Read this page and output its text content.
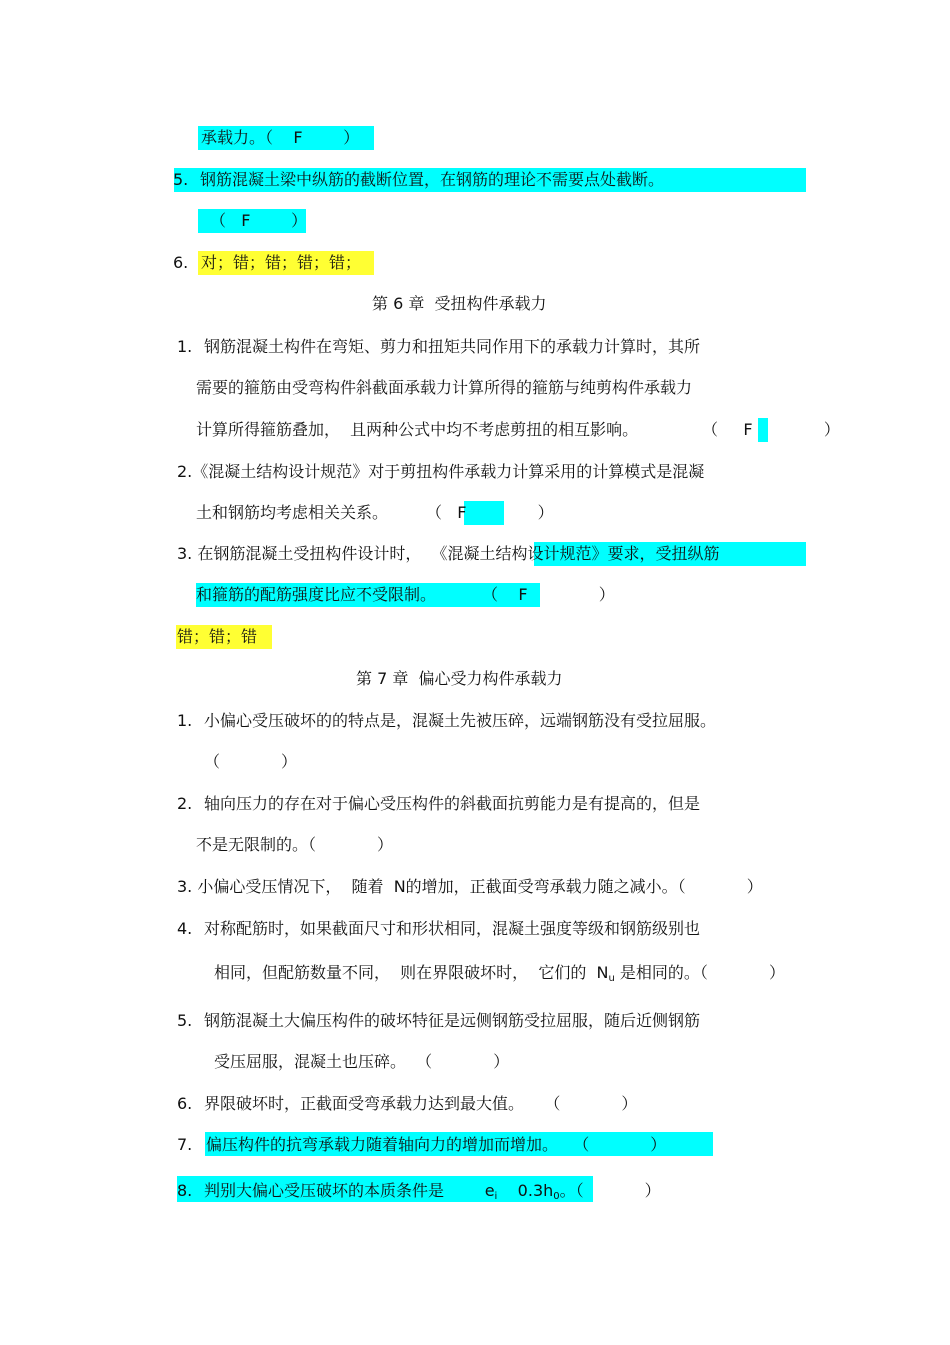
承载力。（    F        ）
5. 钢筋混凝土梁中纵筋的截断位置，在钢筋的理论不需要点处截断。
（   F        ）
6. 对；错；错；错；错；
第 6 章  受扭构件承载力
1. 钢筋混凝土构件在弯矩、剪力和扭矩共同作用下的承载力计算时，其所
需要的箍筋由受弯构件斜截面承载力计算所得的箍筋与纯剪构件承载力
计算所得箍筋叠加，  且两种公式中均不考虑剪扭的相互影响。	（     F              ）
2.《混凝土结构设计规范》对于剪扭构件承载力计算采用的计算模式是混凝
土和钢筋均考虑相关关系。 （   F              ）
3. 在钢筋混凝土受扭构件设计时，  《混凝土结构设计规范》要求，受扭纵筋
和箍筋的配筋强度比应不受限制。	（    F              ）
错；错；错
第 7 章  偏心受力构件承载力
1. 小偏心受压破坏的的特点是，混凝土先被压碎，远端钢筋没有受拉屈服。
（            ）
2. 轴向压力的存在对于偏心受压构件的斜截面抗剪能力是有提高的，但是
不是无限制的。（            ）
3. 小偏心受压情况下，  随着  N的增加，正截面受弯承载力随之减小。（            ）
4. 对称配筋时，如果截面尺寸和形状相同，混凝土强度等级和钢筋级别也
相同，但配筋数量不同，  则在界限破坏时，  它们的  $N_u$ 是相同的。（            ）
5. 钢筋混凝土大偏压构件的破坏特征是远侧钢筋受拉屈服，随后近侧钢筋
受压屈服，混凝土也压碎。  （            ）
6. 界限破坏时，正截面受弯承载力达到最大值。    （            ）
7. 偏压构件的抗弯承载力随着轴向力的增加而增加。   （            ）
8. 判别大偏心受压破坏的本质条件是        $e_i$    $0.3h_0$。（            ）
